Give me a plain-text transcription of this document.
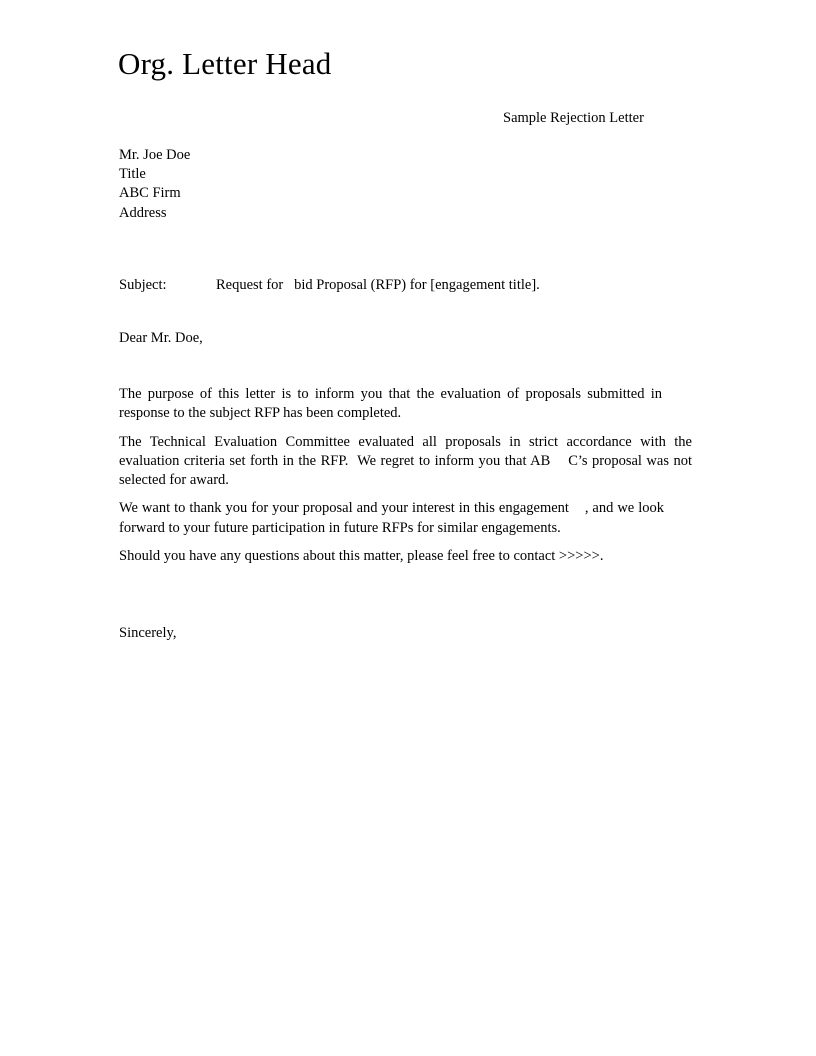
Org. Letter Head
Sample Rejection Letter
Mr. Joe Doe
Title
ABC Firm
Address
Subject:	Request for   bid Proposal (RFP) for [engagement title].
Dear Mr. Doe,

The purpose of this letter is to inform you that the evaluation of proposals submitted in response to the subject RFP has been completed.

The Technical Evaluation Committee evaluated all proposals in strict accordance with the evaluation criteria set forth in the RFP.  We regret to inform you that AB    C’s proposal was not selected for award.

We want to thank you for your proposal and your interest in this engagement    , and we look forward to your future participation in future RFPs for similar engagements.

Should you have any questions about this matter, please feel free to contact >>>>>.

Sincerely,
